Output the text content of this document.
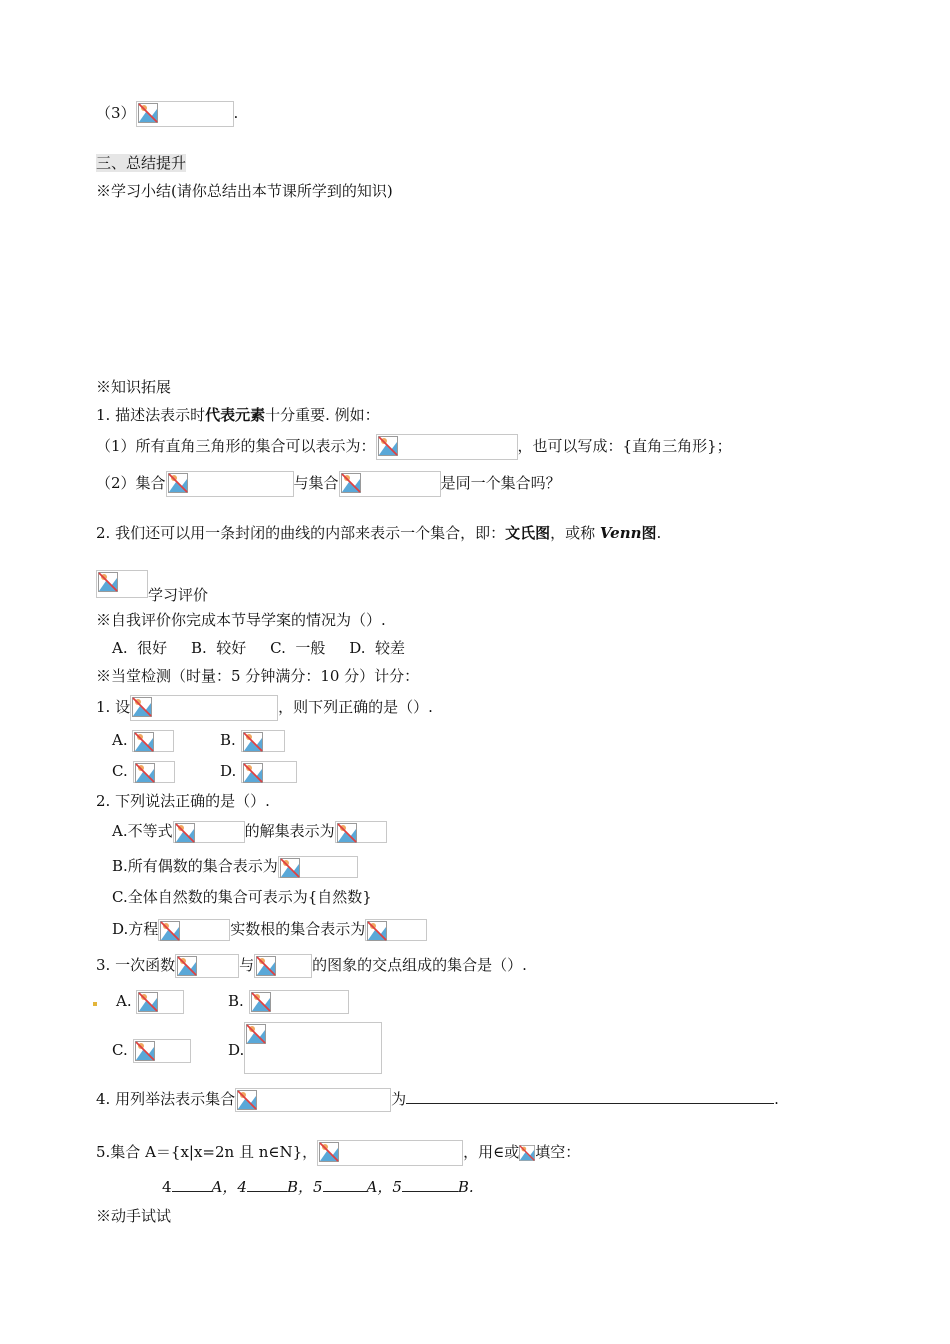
（3）	.
三、总结提升
※学习小结(请你总结出本节课所学到的知识)
※知识拓展
1. 描述法表示时代表元素十分重要. 例如：
（1）所有直角三角形的集合可以表示为：	，也可以写成：{直角三角形}；
（2）集合	与集合	是同一个集合吗？
2. 我们还可以用一条封闭的曲线的内部来表示一个集合，即：文氏图，或称 Venn图.
学习评价
※自我评价你完成本节导学案的情况为（）.
A.  很好     B.  较好     C.  一般     D.  较差
※当堂检测（时量：5 分钟满分：10 分）计分：
1. 设	，则下列正确的是（）.
A.	B.
C.	D.
2. 下列说法正确的是（）.
A.不等式	的解集表示为
B.所有偶数的集合表示为
C.全体自然数的集合可表示为{自然数}
D.方程	实数根的集合表示为
3. 一次函数	与	的图象的交点组成的集合是（）.
A.	B.
C.	D.
4. 用列举法表示集合	为	.
5.集合 A＝{x|x=2n 且 n∈N}，	，用∈或 填空：
4	A，4	B，5	A，5	B.
※动手试试
